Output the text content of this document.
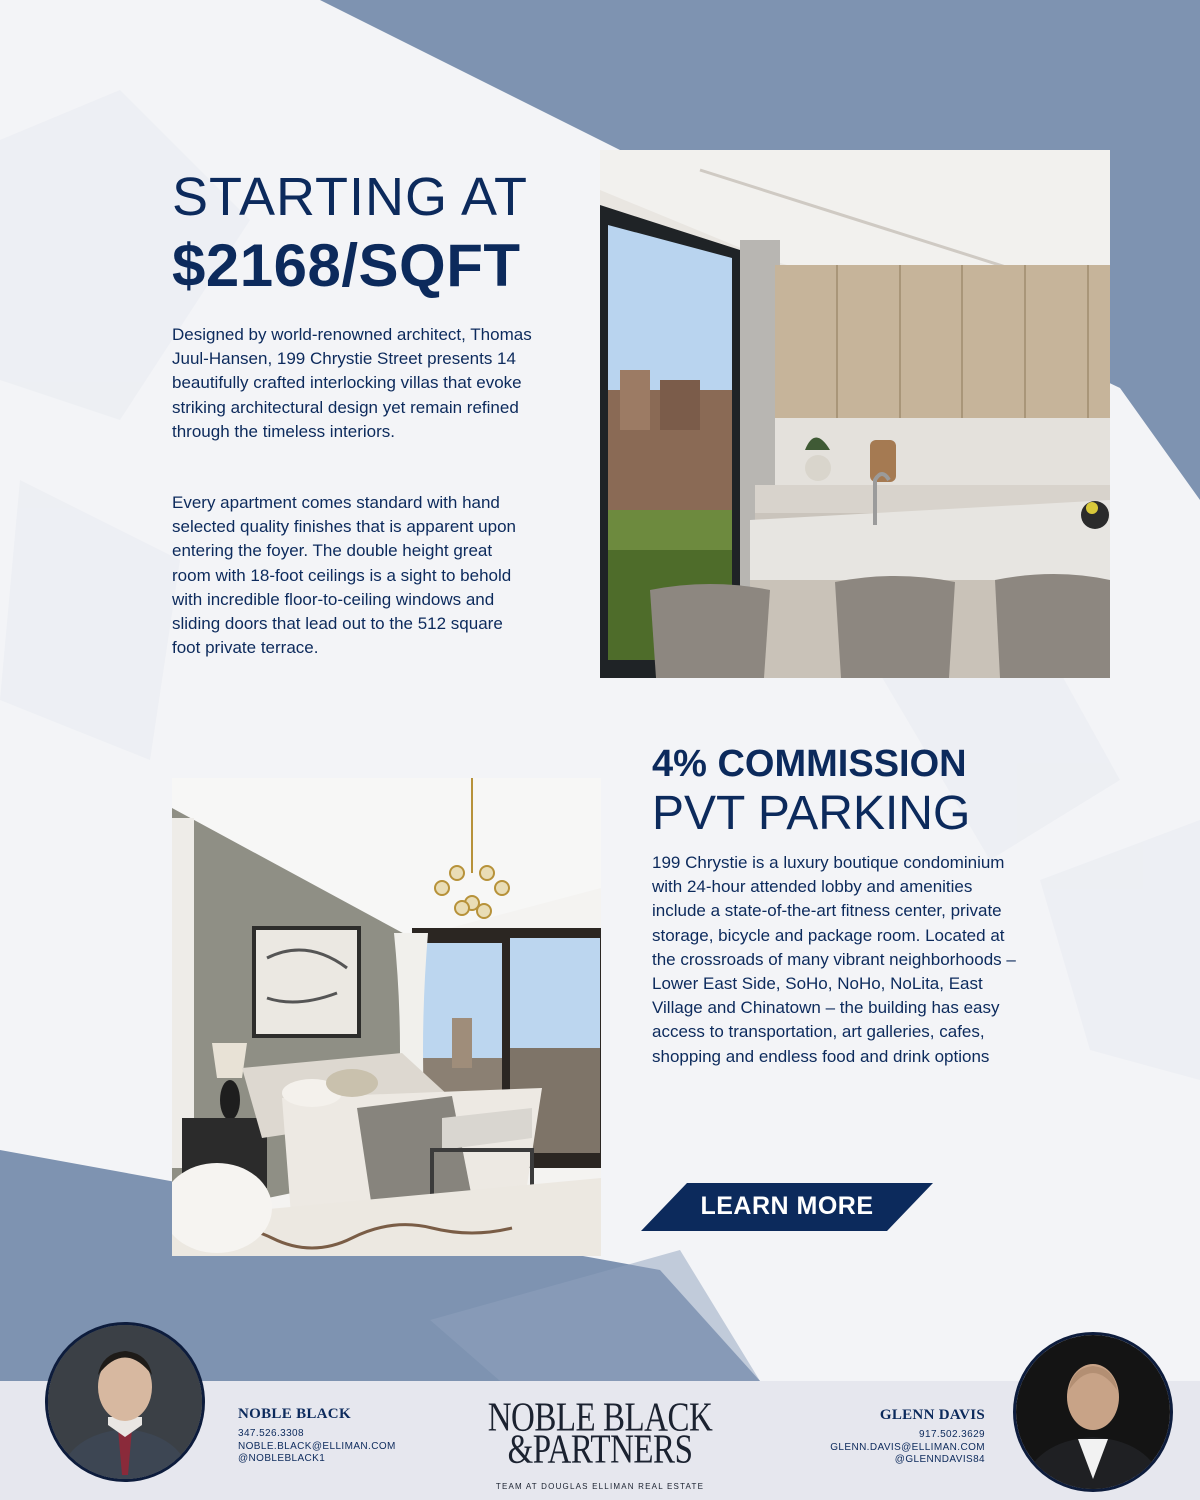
STARTING AT
$2168/SQFT

Designed by world-renowned architect, Thomas Juul-Hansen, 199 Chrystie Street presents 14 beautifully crafted interlocking villas that evoke striking architectural design yet remain refined through the timeless interiors.

Every apartment comes standard with hand selected quality finishes that is apparent upon entering the foyer. The double height great room with 18-foot ceilings is a sight to behold with incredible floor-to-ceiling windows and sliding doors that lead out to the 512 square foot private terrace.

4% COMMISSION
PVT PARKING

199 Chrystie is a luxury boutique condominium with 24-hour attended lobby and amenities include a state-of-the-art fitness center, private storage, bicycle and package room. Located at the crossroads of many vibrant neighborhoods – Lower East Side, SoHo, NoHo, NoLita, East Village and Chinatown – the building has easy access to transportation, art galleries, cafes, shopping and endless food and drink options

LEARN MORE
NOBLE BLACK
347.526.3308
NOBLE.BLACK@ELLIMAN.COM
@NOBLEBLACK1
NOBLE BLACK
&PARTNERS
TEAM AT DOUGLAS ELLIMAN REAL ESTATE
GLENN DAVIS
917.502.3629
GLENN.DAVIS@ELLIMAN.COM
@GLENNDAVIS84
